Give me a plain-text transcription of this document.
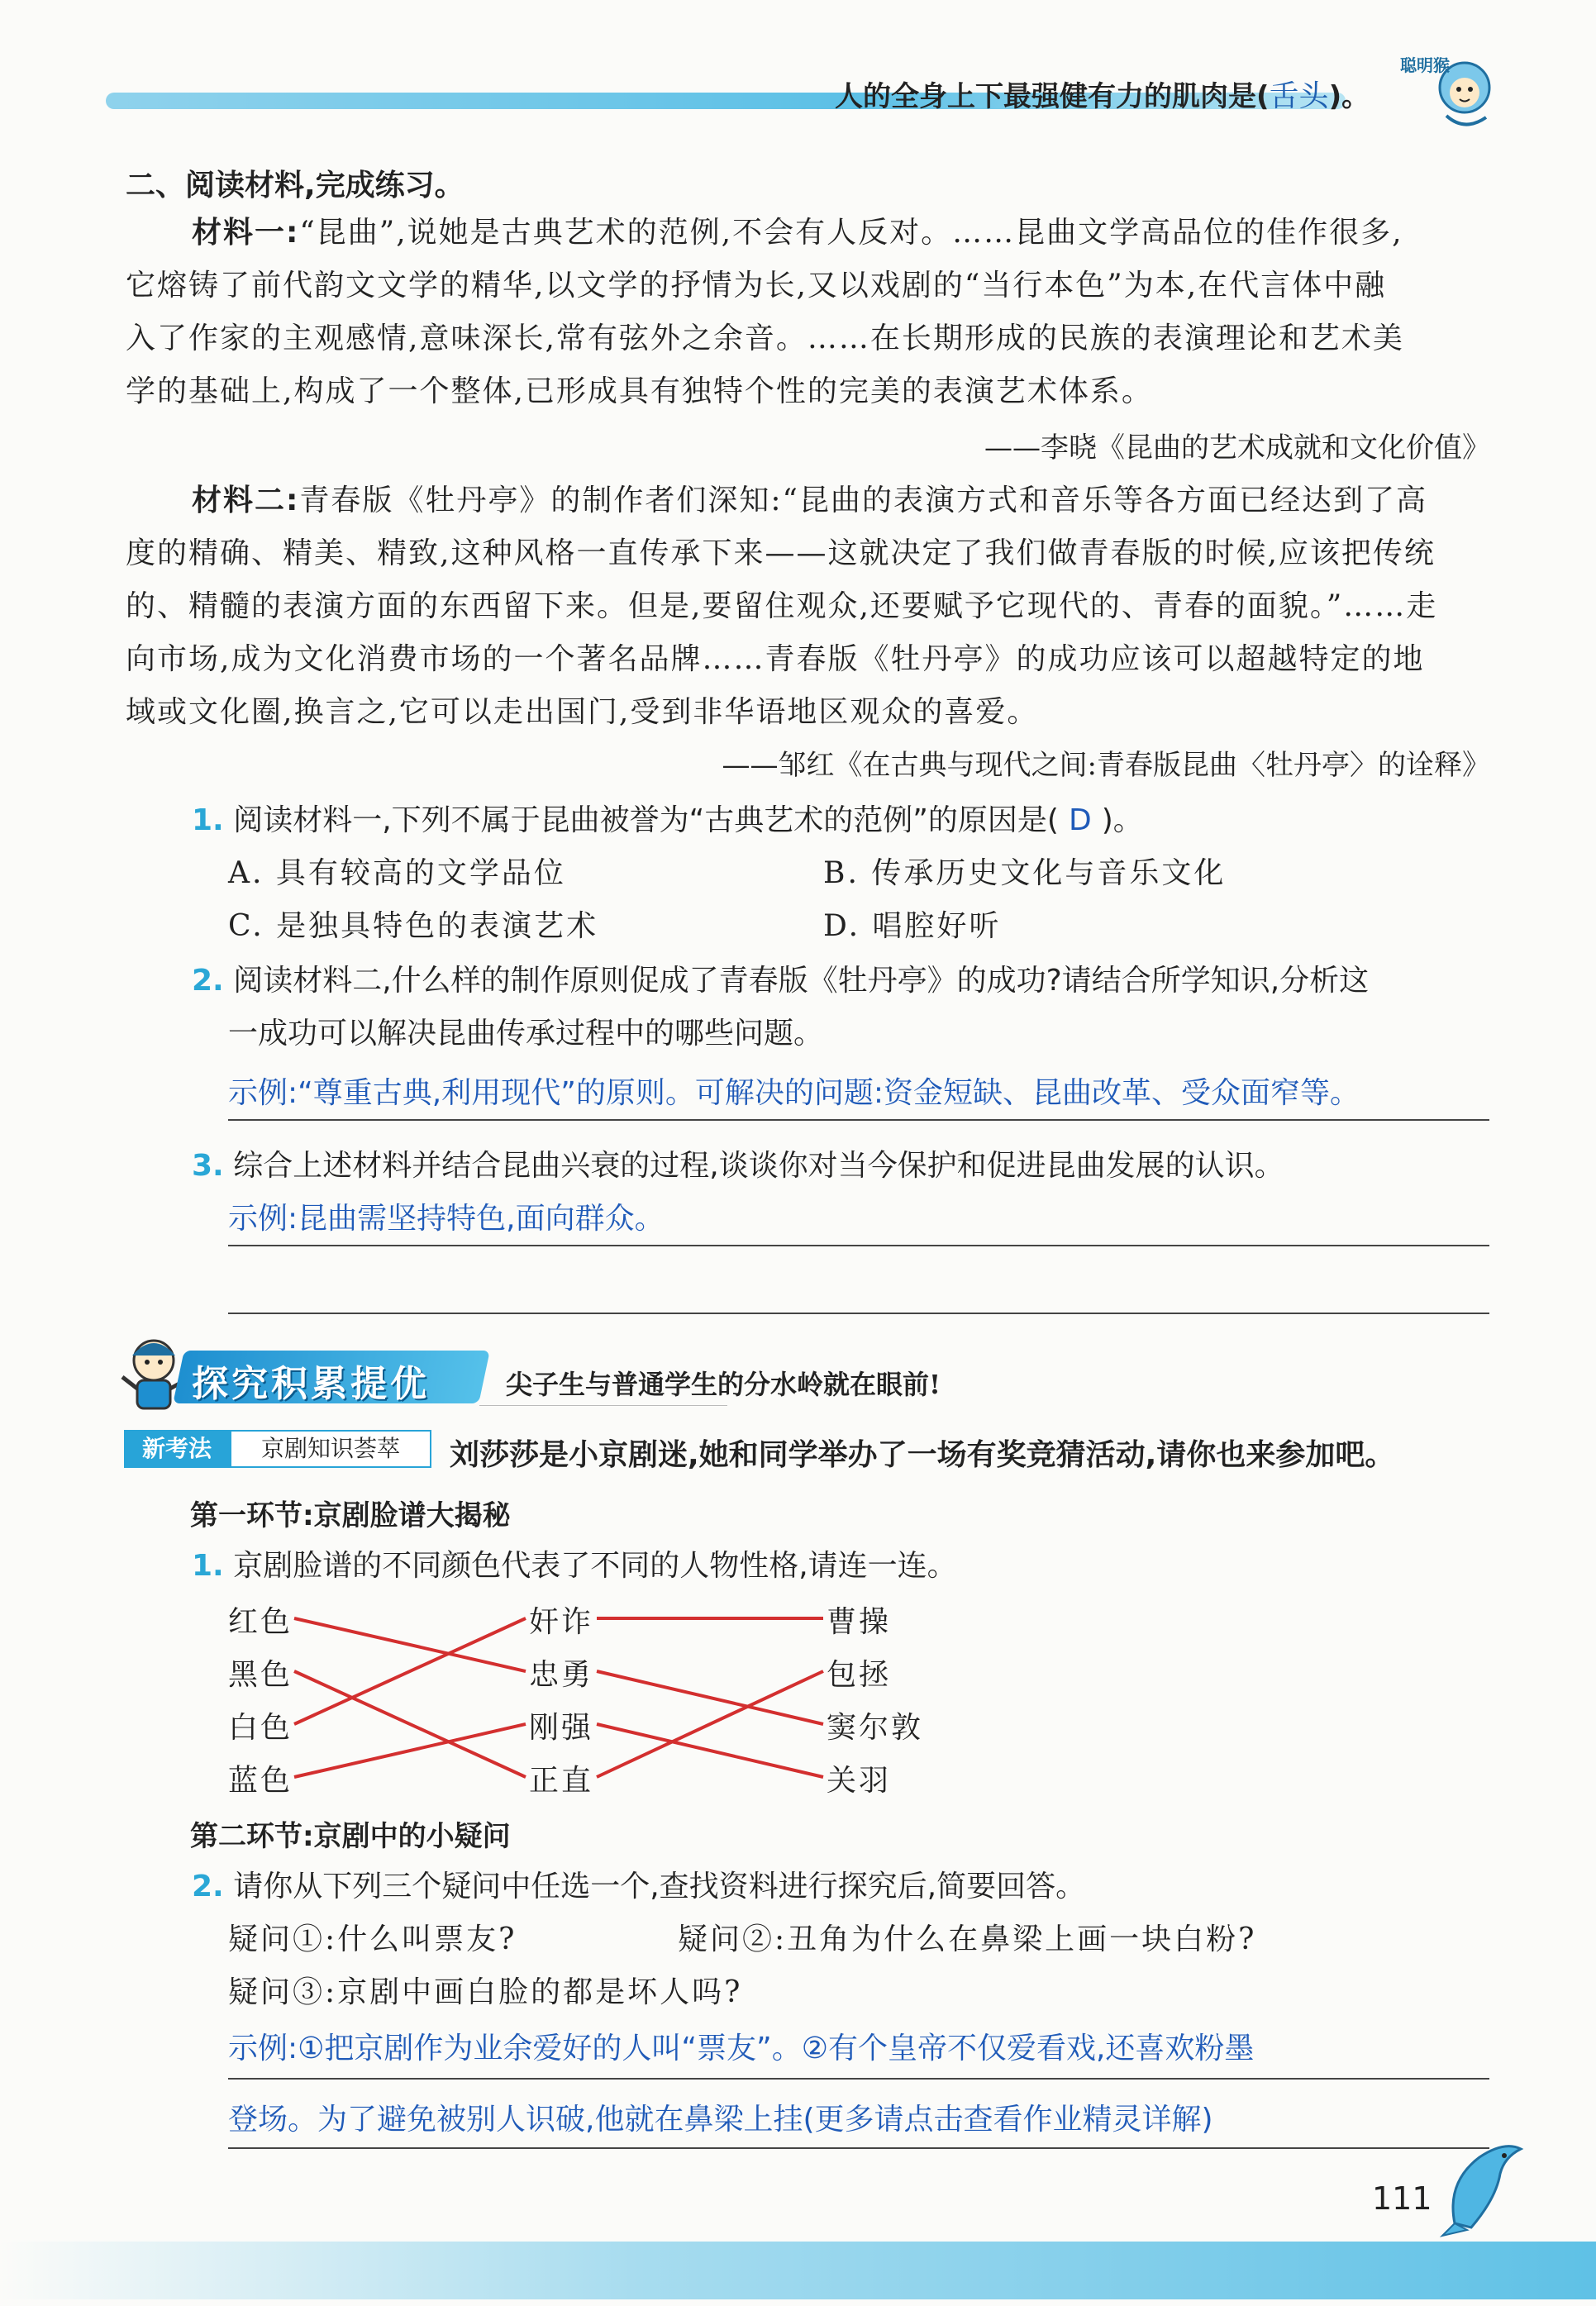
人的全身上下最强健有力的肌肉是(舌头)。
聪明猴
二、阅读材料,完成练习。
材料一:“昆曲”,说她是古典艺术的范例,不会有人反对。……昆曲文学高品位的佳作很多,
它熔铸了前代韵文文学的精华,以文学的抒情为长,又以戏剧的“当行本色”为本,在代言体中融
入了作家的主观感情,意味深长,常有弦外之余音。……在长期形成的民族的表演理论和艺术美
学的基础上,构成了一个整体,已形成具有独特个性的完美的表演艺术体系。
——李晓《昆曲的艺术成就和文化价值》
材料二:青春版《牡丹亭》的制作者们深知:“昆曲的表演方式和音乐等各方面已经达到了高
度的精确、精美、精致,这种风格一直传承下来——这就决定了我们做青春版的时候,应该把传统
的、精髓的表演方面的东西留下来。但是,要留住观众,还要赋予它现代的、青春的面貌。”……走
向市场,成为文化消费市场的一个著名品牌……青春版《牡丹亭》的成功应该可以超越特定的地
域或文化圈,换言之,它可以走出国门,受到非华语地区观众的喜爱。
——邹红《在古典与现代之间:青春版昆曲〈牡丹亭〉的诠释》
1. 阅读材料一,下列不属于昆曲被誉为“古典艺术的范例”的原因是( D )。
A. 具有较高的文学品位	B. 传承历史文化与音乐文化
C. 是独具特色的表演艺术	D. 唱腔好听
2. 阅读材料二,什么样的制作原则促成了青春版《牡丹亭》的成功?请结合所学知识,分析这
一成功可以解决昆曲传承过程中的哪些问题。
示例:“尊重古典,利用现代”的原则。可解决的问题:资金短缺、昆曲改革、受众面窄等。
3. 综合上述材料并结合昆曲兴衰的过程,谈谈你对当今保护和促进昆曲发展的认识。
示例:昆曲需坚持特色,面向群众。
探究积累提优	尖子生与普通学生的分水岭就在眼前!
新考法	京剧知识荟萃	刘莎莎是小京剧迷,她和同学举办了一场有奖竞猜活动,请你也来参加吧。
第一环节:京剧脸谱大揭秘
1. 京剧脸谱的不同颜色代表了不同的人物性格,请连一连。
红色
黑色
白色
蓝色
奸诈
忠勇
刚强
正直
曹操
包拯
窦尔敦
关羽
第二环节:京剧中的小疑问
2. 请你从下列三个疑问中任选一个,查找资料进行探究后,简要回答。
疑问①:什么叫票友?	疑问②:丑角为什么在鼻梁上画一块白粉?
疑问③:京剧中画白脸的都是坏人吗?
示例:①把京剧作为业余爱好的人叫“票友”。②有个皇帝不仅爱看戏,还喜欢粉墨
登场。为了避免被别人识破,他就在鼻梁上挂(更多请点击查看作业精灵详解)
111
